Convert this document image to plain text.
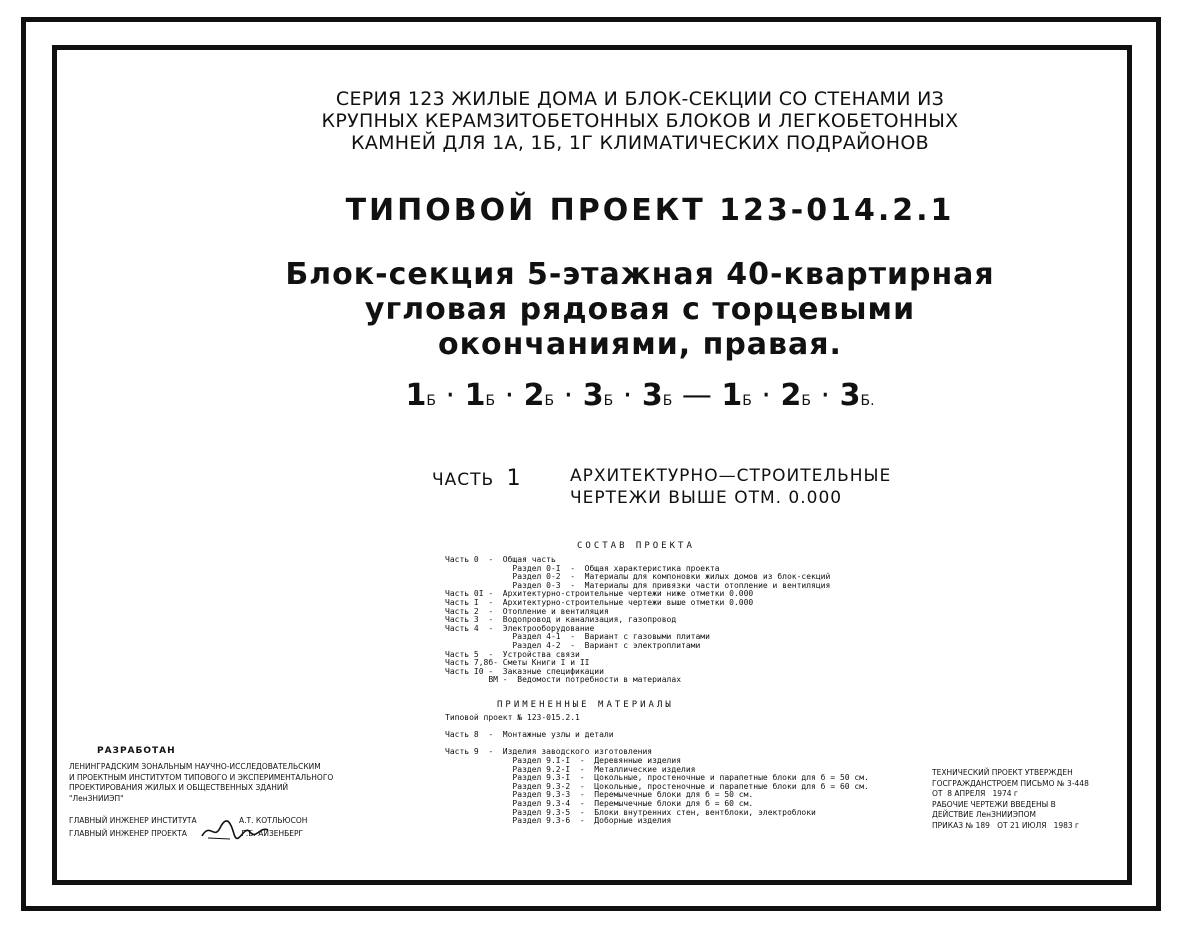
СЕРИЯ 123 ЖИЛЫЕ ДОМА И БЛОК-СЕКЦИИ СО СТЕНАМИ ИЗ
КРУПНЫХ КЕРАМЗИТОБЕТОННЫХ БЛОКОВ И ЛЕГКОБЕТОННЫХ
КАМНЕЙ ДЛЯ 1А, 1Б, 1Г КЛИМАТИЧЕСКИХ ПОДРАЙОНОВ
ТИПОВОЙ ПРОЕКТ 123-014.2.1
Блок-секция 5-этажная 40-квартирная
угловая рядовая с торцевыми
окончаниями, правая.
1Б · 1Б · 2Б · 3Б · 3Б — 1Б · 2Б · 3Б.
ЧАСТЬ 1	АРХИТЕКТУРНО—СТРОИТЕЛЬНЫЕ
ЧЕРТЕЖИ ВЫШЕ ОТМ. 0.000
СОСТАВ ПРОЕКТА
Часть 0  -  Общая часть
Раздел 0-I  -  Общая характеристика проекта
Раздел 0-2  -  Материалы для компоновки жилых домов из блок-секций
Раздел 0-3  -  Материалы для привязки части отопление и вентиляция
Часть 0I -  Архитектурно-строительные чертежи ниже отметки 0.000
Часть I  -  Архитектурно-строительные чертежи выше отметки 0.000
Часть 2  -  Отопление и вентиляция
Часть 3  -  Водопровод и канализация, газопровод
Часть 4  -  Электрооборудование
Раздел 4-1  -  Вариант с газовыми плитами
Раздел 4-2  -  Вариант с электроплитами
Часть 5  -  Устройства связи
Часть 7,8б- Сметы Книги I и II
Часть I0 -  Заказные спецификации
ВМ -  Ведомости потребности в материалах
ПРИМЕНЕННЫЕ МАТЕРИАЛЫ
Типовой проект № 123-015.2.1

Часть 8  -  Монтажные узлы и детали

Часть 9  -  Изделия заводского изготовления
Раздел 9.I-I  -  Деревянные изделия
Раздел 9.2-I  -  Металлические изделия
Раздел 9.3-I  -  Цокольные, простеночные и парапетные блоки для б = 50 см.
Раздел 9.3-2  -  Цокольные, простеночные и парапетные блоки для б = 60 см.
Раздел 9.3-3  -  Перемычечные блоки для б = 50 см.
Раздел 9.3-4  -  Перемычечные блоки для б = 60 см.
Раздел 9.3-5  -  Блоки внутренних стен, вентблоки, электроблоки
Раздел 9.3-6  -  Доборные изделия
РАЗРАБОТАН
ЛЕНИНГРАДСКИМ ЗОНАЛЬНЫМ НАУЧНО-ИССЛЕДОВАТЕЛЬСКИМ
И ПРОЕКТНЫМ ИНСТИТУТОМ ТИПОВОГО И ЭКСПЕРИМЕНТАЛЬНОГО
ПРОЕКТИРОВАНИЯ ЖИЛЫХ И ОБЩЕСТВЕННЫХ ЗДАНИЙ
"ЛенЗНИИЭП"
ГЛАВНЫЙ ИНЖЕНЕР ИНСТИТУТА	А.Т. КОТЛЬЮСОН
ГЛАВНЫЙ ИНЖЕНЕР ПРОЕКТА	Г.Б. АЙЗЕНБЕРГ
ТЕХНИЧЕСКИЙ ПРОЕКТ УТВЕРЖДЕН
ГОСГРАЖДАНСТРОЕМ ПИСЬМО № 3-448
ОТ  8 АПРЕЛЯ   1974 г
РАБОЧИЕ ЧЕРТЕЖИ ВВЕДЕНЫ В
ДЕЙСТВИЕ ЛенЗНИИЭПОМ
ПРИКАЗ № 189   ОТ 21 ИЮЛЯ   1983 г
